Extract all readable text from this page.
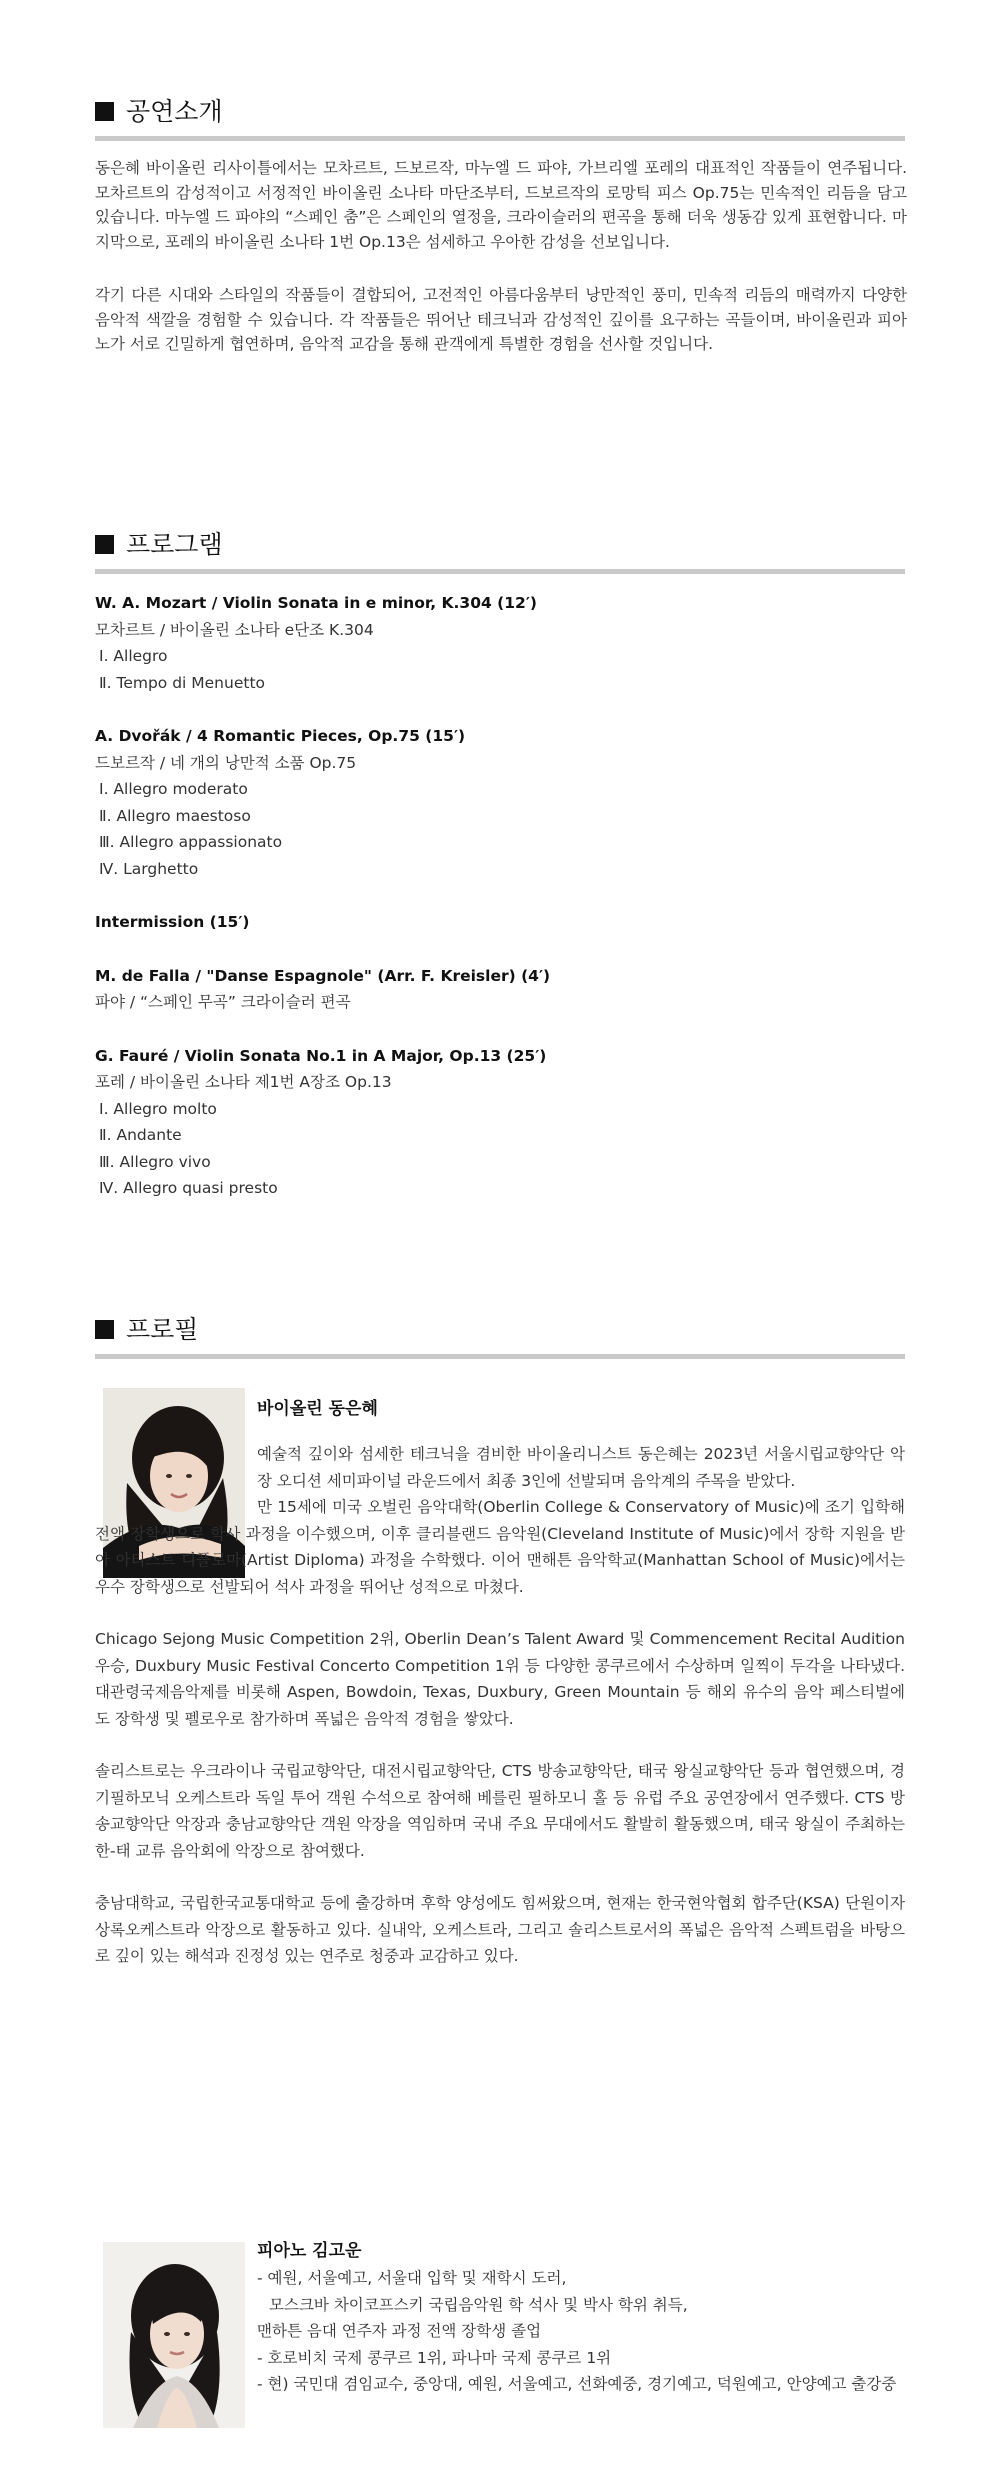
공연소개

동은혜 바이올린 리사이틀에서는 모차르트, 드보르작, 마누엘 드 파야, 가브리엘 포레의 대표적인 작품들이 연주됩니다. 모차르트의 감성적이고 서정적인 바이올린 소나타 마단조부터, 드보르작의 로망틱 피스 Op.75는 민속적인 리듬을 담고 있습니다. 마누엘 드 파야의 “스페인 춤”은 스페인의 열정을, 크라이슬러의 편곡을 통해 더욱 생동감 있게 표현합니다. 마지막으로, 포레의 바이올린 소나타 1번 Op.13은 섬세하고 우아한 감성을 선보입니다.

각기 다른 시대와 스타일의 작품들이 결합되어, 고전적인 아름다움부터 낭만적인 풍미, 민속적 리듬의 매력까지 다양한 음악적 색깔을 경험할 수 있습니다. 각 작품들은 뛰어난 테크닉과 감성적인 깊이를 요구하는 곡들이며, 바이올린과 피아노가 서로 긴밀하게 협연하며, 음악적 교감을 통해 관객에게 특별한 경험을 선사할 것입니다.

프로그램
W. A. Mozart / Violin Sonata in e minor, K.304 (12′)
모차르트 / 바이올린 소나타 e단조 K.304
Ⅰ. Allegro
Ⅱ. Tempo di Menuetto
A. Dvořák / 4 Romantic Pieces, Op.75 (15′)
드보르작 / 네 개의 낭만적 소품 Op.75
Ⅰ. Allegro moderato
Ⅱ. Allegro maestoso
Ⅲ. Allegro appassionato
Ⅳ. Larghetto
Intermission (15′)
M. de Falla / "Danse Espagnole" (Arr. F. Kreisler) (4′)
파야 / “스페인 무곡” 크라이슬러 편곡
G. Fauré / Violin Sonata No.1 in A Major, Op.13 (25′)
포레 / 바이올린 소나타 제1번 A장조 Op.13
Ⅰ. Allegro molto
Ⅱ. Andante
Ⅲ. Allegro vivo
Ⅳ. Allegro quasi presto
프로필
바이올린 동은혜

예술적 깊이와 섬세한 테크닉을 겸비한 바이올리니스트 동은혜는 2023년 서울시립교향악단 악장 오디션 세미파이널 라운드에서 최종 3인에 선발되며 음악계의 주목을 받았다.

만 15세에 미국 오벌린 음악대학(Oberlin College & Conservatory of Music)에 조기 입학해 전액 장학생으로 학사 과정을 이수했으며, 이후 클리블랜드 음악원(Cleveland Institute of Music)에서 장학 지원을 받아 아티스트 디플로마(Artist Diploma) 과정을 수학했다. 이어 맨해튼 음악학교(Manhattan School of Music)에서는 우수 장학생으로 선발되어 석사 과정을 뛰어난 성적으로 마쳤다.

Chicago Sejong Music Competition 2위, Oberlin Dean’s Talent Award 및 Commencement Recital Audition 우승, Duxbury Music Festival Concerto Competition 1위 등 다양한 콩쿠르에서 수상하며 일찍이 두각을 나타냈다. 대관령국제음악제를 비롯해 Aspen, Bowdoin, Texas, Duxbury, Green Mountain 등 해외 유수의 음악 페스티벌에도 장학생 및 펠로우로 참가하며 폭넓은 음악적 경험을 쌓았다.

솔리스트로는 우크라이나 국립교향악단, 대전시립교향악단, CTS 방송교향악단, 태국 왕실교향악단 등과 협연했으며, 경기필하모닉 오케스트라 독일 투어 객원 수석으로 참여해 베를린 필하모니 홀 등 유럽 주요 공연장에서 연주했다. CTS 방송교향악단 악장과 충남교향악단 객원 악장을 역임하며 국내 주요 무대에서도 활발히 활동했으며, 태국 왕실이 주최하는 한-태 교류 음악회에 악장으로 참여했다.

충남대학교, 국립한국교통대학교 등에 출강하며 후학 양성에도 힘써왔으며, 현재는 한국현악협회 합주단(KSA) 단원이자 상록오케스트라 악장으로 활동하고 있다. 실내악, 오케스트라, 그리고 솔리스트로서의 폭넓은 음악적 스펙트럼을 바탕으로 깊이 있는 해석과 진정성 있는 연주로 청중과 교감하고 있다.

피아노 김고운
- 예원, 서울예고, 서울대 입학 및 재학시 도러,
모스크바 차이코프스키 국립음악원 학 석사 및 박사 학위 취득,
맨하튼 음대 연주자 과정 전액 장학생 졸업
- 호로비치 국제 콩쿠르 1위, 파나마 국제 콩쿠르 1위
- 현) 국민대 겸임교수, 중앙대, 예원, 서울예고, 선화예중, 경기예고, 덕원예고, 안양예고 출강중
